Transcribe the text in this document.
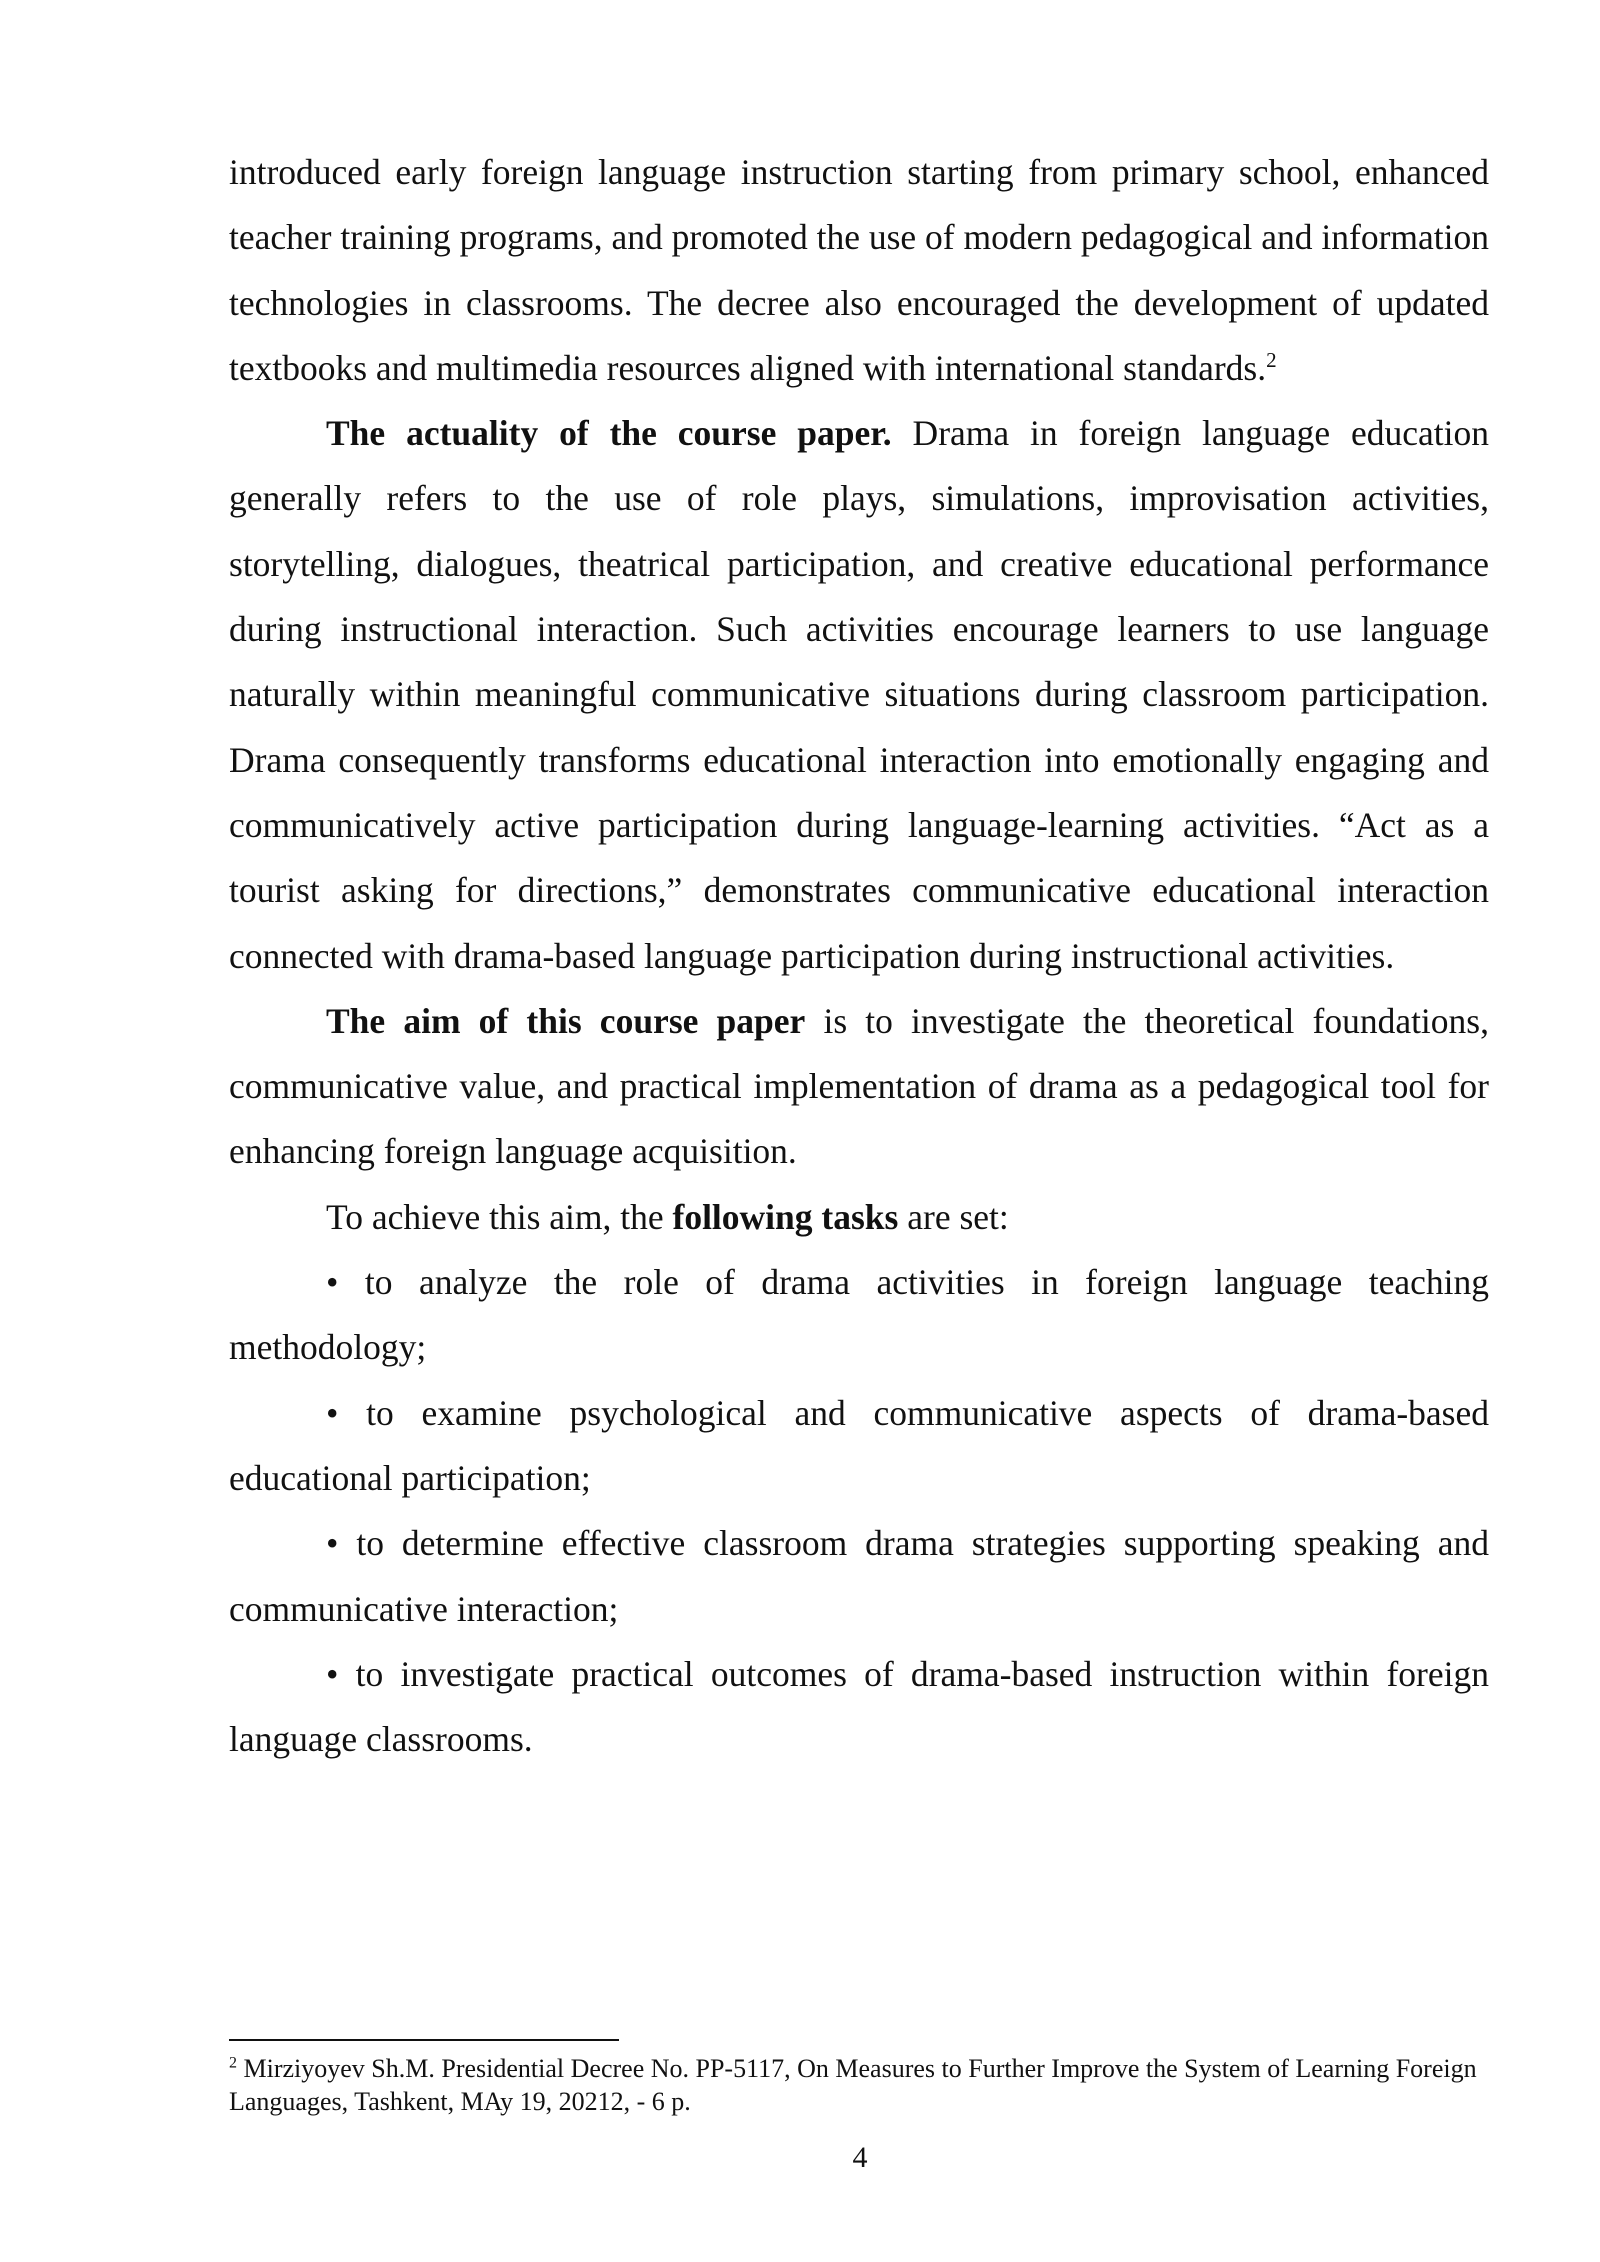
introduced early foreign language instruction starting from primary school, enhanced teacher training programs, and promoted the use of modern pedagogical and information technologies in classrooms. The decree also encouraged the development of updated textbooks and multimedia resources aligned with international standards.$^2$

The actuality of the course paper. Drama in foreign language education generally refers to the use of role plays, simulations, improvisation activities, storytelling, dialogues, theatrical participation, and creative educational performance during instructional interaction. Such activities encourage learners to use language naturally within meaningful communicative situations during classroom participation. Drama consequently transforms educational interaction into emotionally engaging and communicatively active participation during language-learning activities. “Act as a tourist asking for directions,” demonstrates communicative educational interaction connected with drama-based language participation during instructional activities.

The aim of this course paper is to investigate the theoretical foundations, communicative value, and practical implementation of drama as a pedagogical tool for enhancing foreign language acquisition.

To achieve this aim, the following tasks are set:

• to analyze the role of drama activities in foreign language teaching methodology;

• to examine psychological and communicative aspects of drama-based educational participation;

• to determine effective classroom drama strategies supporting speaking and communicative interaction;

• to investigate practical outcomes of drama-based instruction within foreign language classrooms.

$^2$ Mirziyoyev Sh.M. Presidential Decree No. PP-5117, On Measures to Further Improve the System of Learning Foreign Languages, Tashkent, MAy 19, 20212, - 6 p.

4
